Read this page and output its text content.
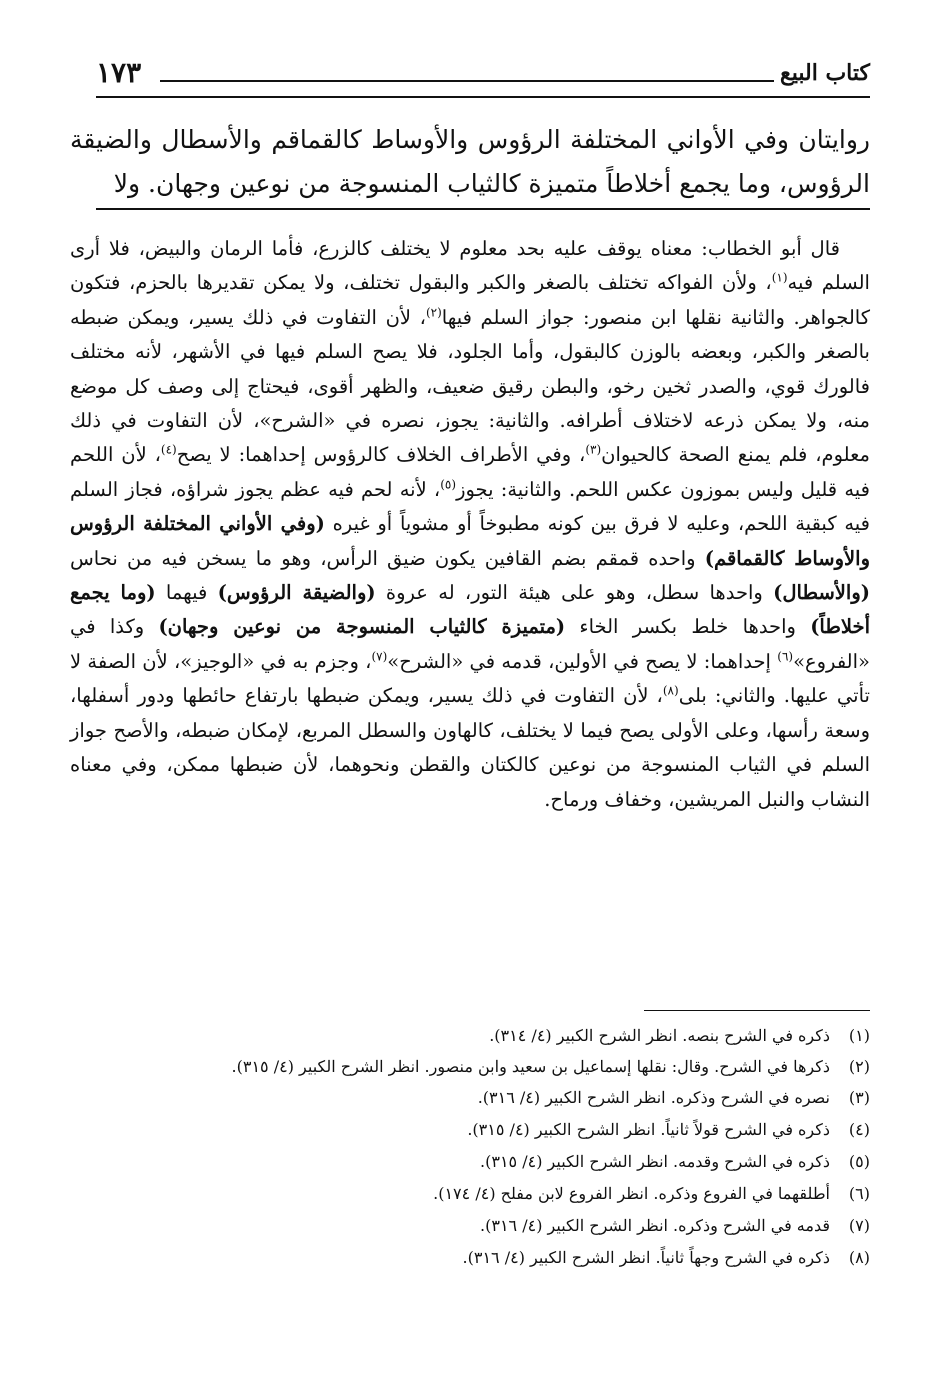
كتاب البيع
١٧٣
روايتان وفي الأواني المختلفة الرؤوس والأوساط كالقماقم والأسطال والضيقة الرؤوس، وما يجمع أخلاطاً متميزة كالثياب المنسوجة من نوعين وجهان. ولا

قال أبو الخطاب: معناه يوقف عليه بحد معلوم لا يختلف كالزرع، فأما الرمان والبيض، فلا أرى السلم فيه$^{(١)}$، ولأن الفواكه تختلف بالصغر والكبر والبقول تختلف، ولا يمكن تقديرها بالحزم، فتكون كالجواهر. والثانية نقلها ابن منصور: جواز السلم فيها$^{(٢)}$، لأن التفاوت في ذلك يسير، ويمكن ضبطه بالصغر والكبر، وبعضه بالوزن كالبقول، وأما الجلود، فلا يصح السلم فيها في الأشهر، لأنه مختلف فالورك قوي، والصدر ثخين رخو، والبطن رقيق ضعيف، والظهر أقوى، فيحتاج إلى وصف كل موضع منه، ولا يمكن ذرعه لاختلاف أطرافه. والثانية: يجوز، نصره في «الشرح»، لأن التفاوت في ذلك معلوم، فلم يمنع الصحة كالحيوان$^{(٣)}$، وفي الأطراف الخلاف كالرؤوس إحداهما: لا يصح$^{(٤)}$، لأن اللحم فيه قليل وليس بموزون عكس اللحم. والثانية: يجوز$^{(٥)}$، لأنه لحم فيه عظم يجوز شراؤه، فجاز السلم فيه كبقية اللحم، وعليه لا فرق بين كونه مطبوخاً أو مشوياً أو غيره (وفي الأواني المختلفة الرؤوس والأوساط كالقماقم) واحده قمقم بضم القافين يكون ضيق الرأس، وهو ما يسخن فيه من نحاس (والأسطال) واحدها سطل، وهو على هيئة التور، له عروة (والضيقة الرؤوس) فيهما (وما يجمع أخلاطاً) واحدها خلط بكسر الخاء (متميزة كالثياب المنسوجة من نوعين وجهان) وكذا في «الفروع»$^{(٦)}$ إحداهما: لا يصح في الأولين، قدمه في «الشرح»$^{(٧)}$، وجزم به في «الوجيز»، لأن الصفة لا تأتي عليها. والثاني: بلى$^{(٨)}$، لأن التفاوت في ذلك يسير، ويمكن ضبطها بارتفاع حائطها ودور أسفلها، وسعة رأسها، وعلى الأولى يصح فيما لا يختلف، كالهاون والسطل المربع، لإمكان ضبطه، والأصح جواز السلم في الثياب المنسوجة من نوعين كالكتان والقطن ونحوهما، لأن ضبطها ممكن، وفي معناه النشاب والنبل المريشين، وخفاف ورماح.

(١)
ذكره في الشرح بنصه. انظر الشرح الكبير (٤/ ٣١٤).
(٢)
ذكرها في الشرح. وقال: نقلها إسماعيل بن سعيد وابن منصور. انظر الشرح الكبير (٤/ ٣١٥).
(٣)
نصره في الشرح وذكره. انظر الشرح الكبير (٤/ ٣١٦).
(٤)
ذكره في الشرح قولاً ثانياً. انظر الشرح الكبير (٤/ ٣١٥).
(٥)
ذكره في الشرح وقدمه. انظر الشرح الكبير (٤/ ٣١٥).
(٦)
أطلقهما في الفروع وذكره. انظر الفروع لابن مفلح (٤/ ١٧٤).
(٧)
قدمه في الشرح وذكره. انظر الشرح الكبير (٤/ ٣١٦).
(٨)
ذكره في الشرح وجهاً ثانياً. انظر الشرح الكبير (٤/ ٣١٦).
